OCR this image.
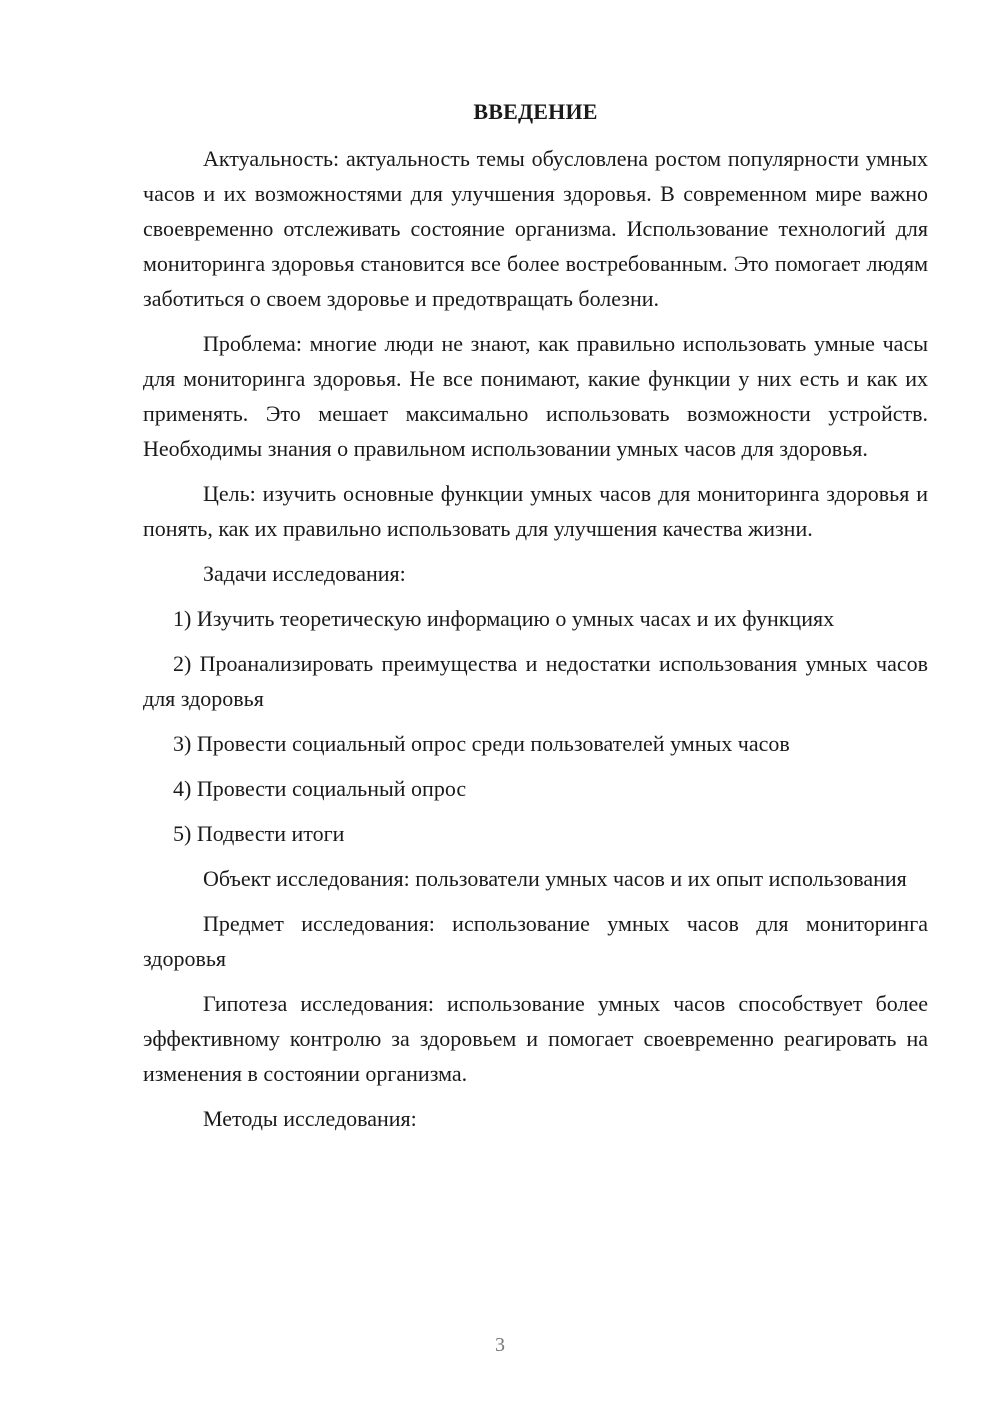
ВВЕДЕНИЕ

Актуальность: актуальность темы обусловлена ростом популярности умных часов и их возможностями для улучшения здоровья. В современном мире важно своевременно отслеживать состояние организма. Использование технологий для мониторинга здоровья становится все более востребованным. Это помогает людям заботиться о своем здоровье и предотвращать болезни.

Проблема: многие люди не знают, как правильно использовать умные часы для мониторинга здоровья. Не все понимают, какие функции у них есть и как их применять. Это мешает максимально использовать возможности устройств. Необходимы знания о правильном использовании умных часов для здоровья.

Цель: изучить основные функции умных часов для мониторинга здоровья и понять, как их правильно использовать для улучшения качества жизни.

Задачи исследования:

1) Изучить теоретическую информацию о умных часах и их функциях

2) Проанализировать преимущества и недостатки использования умных часов для здоровья

3) Провести социальный опрос среди пользователей умных часов

4) Провести социальный опрос

5) Подвести итоги

Объект исследования: пользователи умных часов и их опыт использования

Предмет исследования: использование умных часов для мониторинга здоровья

Гипотеза исследования: использование умных часов способствует более эффективному контролю за здоровьем и помогает своевременно реагировать на изменения в состоянии организма.

Методы исследования:

3
